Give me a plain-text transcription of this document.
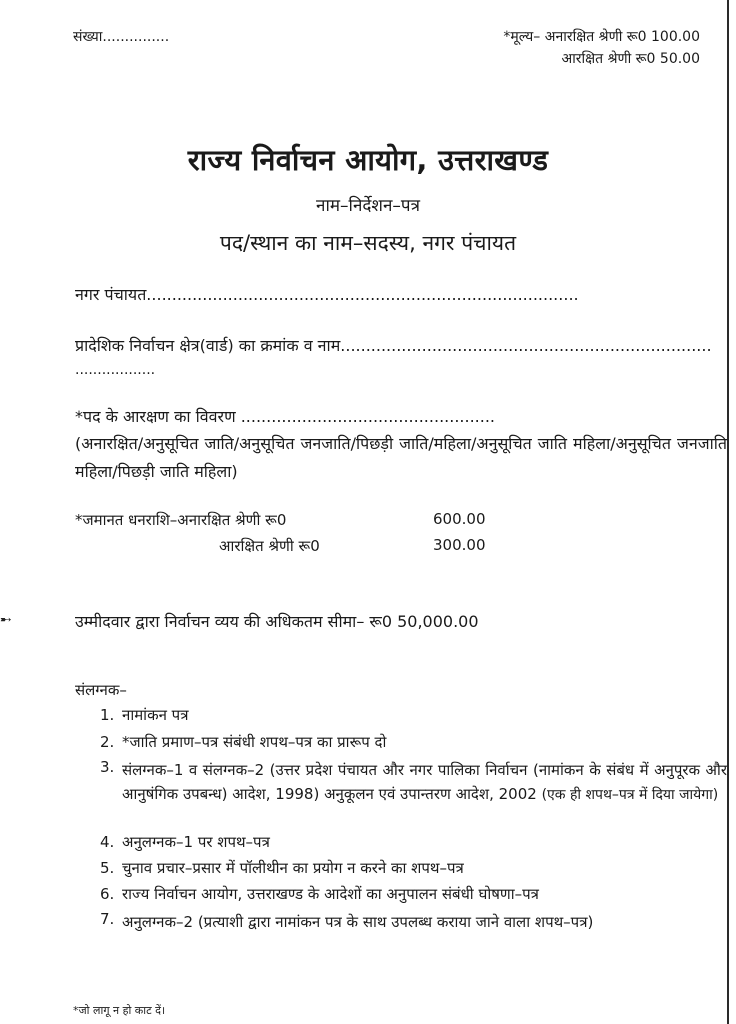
➸
संख्या...............	*मूल्य– अनारक्षित श्रेणी रू0 100.00
आरक्षित श्रेणी रू0 50.00
राज्य निर्वाचन आयोग, उत्तराखण्ड
नाम–निर्देशन–पत्र
पद/स्थान का नाम–सदस्य, नगर पंचायत
नगर पंचायत.....................................................................................
प्रादेशिक निर्वाचन क्षेत्र(वार्ड) का क्रमांक व नाम.........................................................................
..................
*पद के आरक्षण का विवरण ..................................................
(अनारक्षित/अनुसूचित जाति/अनुसूचित जनजाति/पिछड़ी जाति/महिला/अनुसूचित जाति महिला/अनुसूचित जनजाति महिला/पिछड़ी जाति महिला)
*जमानत धनराशि–अनारक्षित श्रेणी रू0	600.00
आरक्षित श्रेणी रू0	300.00
उम्मीदवार द्वारा निर्वाचन व्यय की अधिकतम सीमा– रू0 50,000.00
संलग्नक–
1. नामांकन पत्र
2. *जाति प्रमाण–पत्र संबंधी शपथ–पत्र का प्रारूप दो
3. संलग्नक–1 व संलग्नक–2 (उत्तर प्रदेश पंचायत और नगर पालिका निर्वाचन (नामांकन के संबंध में अनुपूरक और आनुषंगिक उपबन्ध) आदेश, 1998) अनुकूलन एवं उपान्तरण आदेश, 2002 (एक ही शपथ–पत्र में दिया जायेगा)
4. अनुलग्नक–1 पर शपथ–पत्र
5. चुनाव प्रचार–प्रसार में पॉलीथीन का प्रयोग न करने का शपथ–पत्र
6. राज्य निर्वाचन आयोग, उत्तराखण्ड के आदेशों का अनुपालन संबंधी घोषणा–पत्र
7. अनुलग्नक–2 (प्रत्याशी द्वारा नामांकन पत्र के साथ उपलब्ध कराया जाने वाला शपथ–पत्र)
*जो लागू न हो काट दें।
